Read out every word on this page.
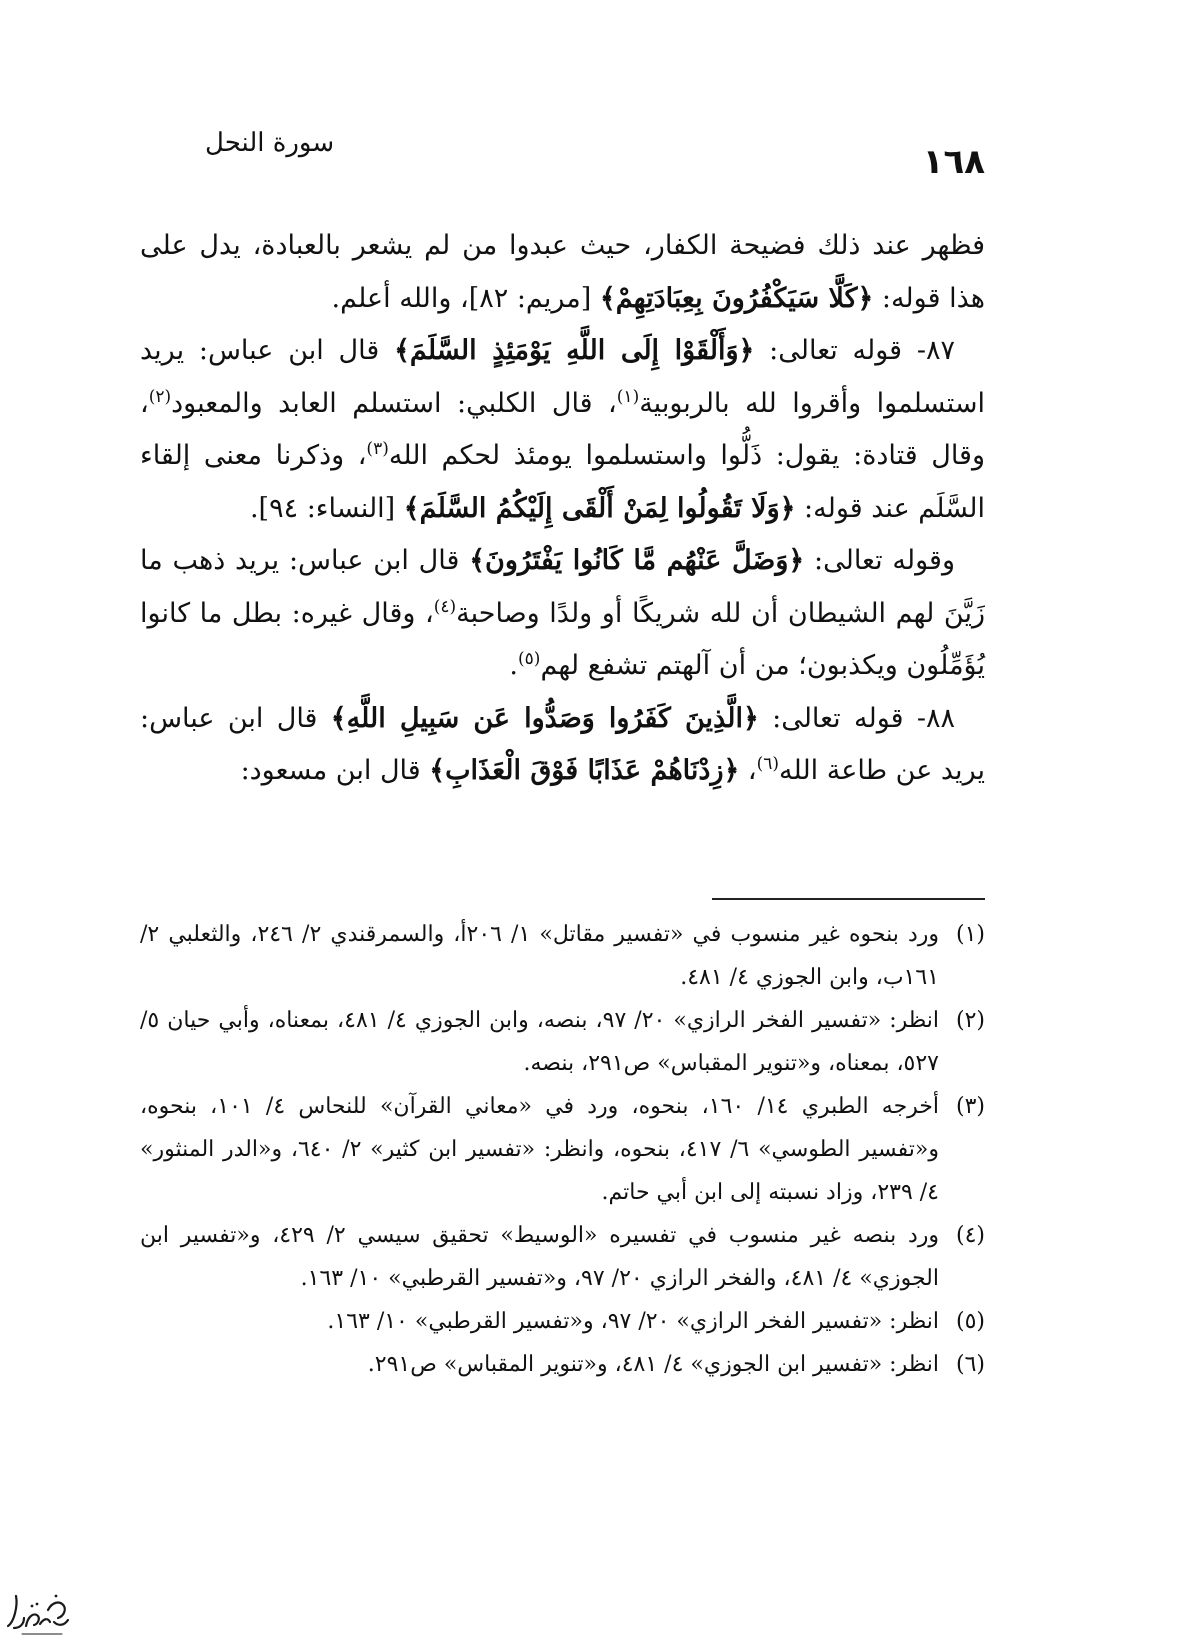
١٦٨
سورة النحل

فظهر عند ذلك فضيحة الكفار، حيث عبدوا من لم يشعر بالعبادة، يدل على هذا قوله: ﴿كَلَّا سَيَكْفُرُونَ بِعِبَادَتِهِمْ﴾ [مريم: ٨٢]، والله أعلم.

٨٧- قوله تعالى: ﴿وَأَلْقَوْا إِلَى اللَّهِ يَوْمَئِذٍ السَّلَمَ﴾ قال ابن عباس: يريد استسلموا وأقروا لله بالربوبية$^{(١)}$، قال الكلبي: استسلم العابد والمعبود$^{(٢)}$، وقال قتادة: يقول: ذَلُّوا واستسلموا يومئذ لحكم الله$^{(٣)}$، وذكرنا معنى إلقاء السَّلَم عند قوله: ﴿وَلَا تَقُولُوا لِمَنْ أَلْقَى إِلَيْكُمُ السَّلَمَ﴾ [النساء: ٩٤].

وقوله تعالى: ﴿وَضَلَّ عَنْهُم مَّا كَانُوا يَفْتَرُونَ﴾ قال ابن عباس: يريد ذهب ما زَيَّنَ لهم الشيطان أن لله شريكًا أو ولدًا وصاحبة$^{(٤)}$، وقال غيره: بطل ما كانوا يُؤَمِّلُون ويكذبون؛ من أن آلهتم تشفع لهم$^{(٥)}$.

٨٨- قوله تعالى: ﴿الَّذِينَ كَفَرُوا وَصَدُّوا عَن سَبِيلِ اللَّهِ﴾ قال ابن عباس: يريد عن طاعة الله$^{(٦)}$، ﴿زِدْنَاهُمْ عَذَابًا فَوْقَ الْعَذَابِ﴾ قال ابن مسعود:

(١)
ورد بنحوه غير منسوب في «تفسير مقاتل» ١/ ٢٠٦أ، والسمرقندي ٢/ ٢٤٦، والثعلبي ٢/ ١٦١ب، وابن الجوزي ٤/ ٤٨١.
(٢)
انظر: «تفسير الفخر الرازي» ٢٠/ ٩٧، بنصه، وابن الجوزي ٤/ ٤٨١، بمعناه، وأبي حيان ٥/ ٥٢٧، بمعناه، و«تنوير المقباس» ص٢٩١، بنصه.
(٣)
أخرجه الطبري ١٤/ ١٦٠، بنحوه، ورد في «معاني القرآن» للنحاس ٤/ ١٠١، بنحوه، و«تفسير الطوسي» ٦/ ٤١٧، بنحوه، وانظر: «تفسير ابن كثير» ٢/ ٦٤٠، و«الدر المنثور» ٤/ ٢٣٩، وزاد نسبته إلى ابن أبي حاتم.
(٤)
ورد بنصه غير منسوب في تفسيره «الوسيط» تحقيق سيسي ٢/ ٤٢٩، و«تفسير ابن الجوزي» ٤/ ٤٨١، والفخر الرازي ٢٠/ ٩٧، و«تفسير القرطبي» ١٠/ ١٦٣.
(٥)
انظر: «تفسير الفخر الرازي» ٢٠/ ٩٧، و«تفسير القرطبي» ١٠/ ١٦٣.
(٦)
انظر: «تفسير ابن الجوزي» ٤/ ٤٨١، و«تنوير المقباس» ص٢٩١.
